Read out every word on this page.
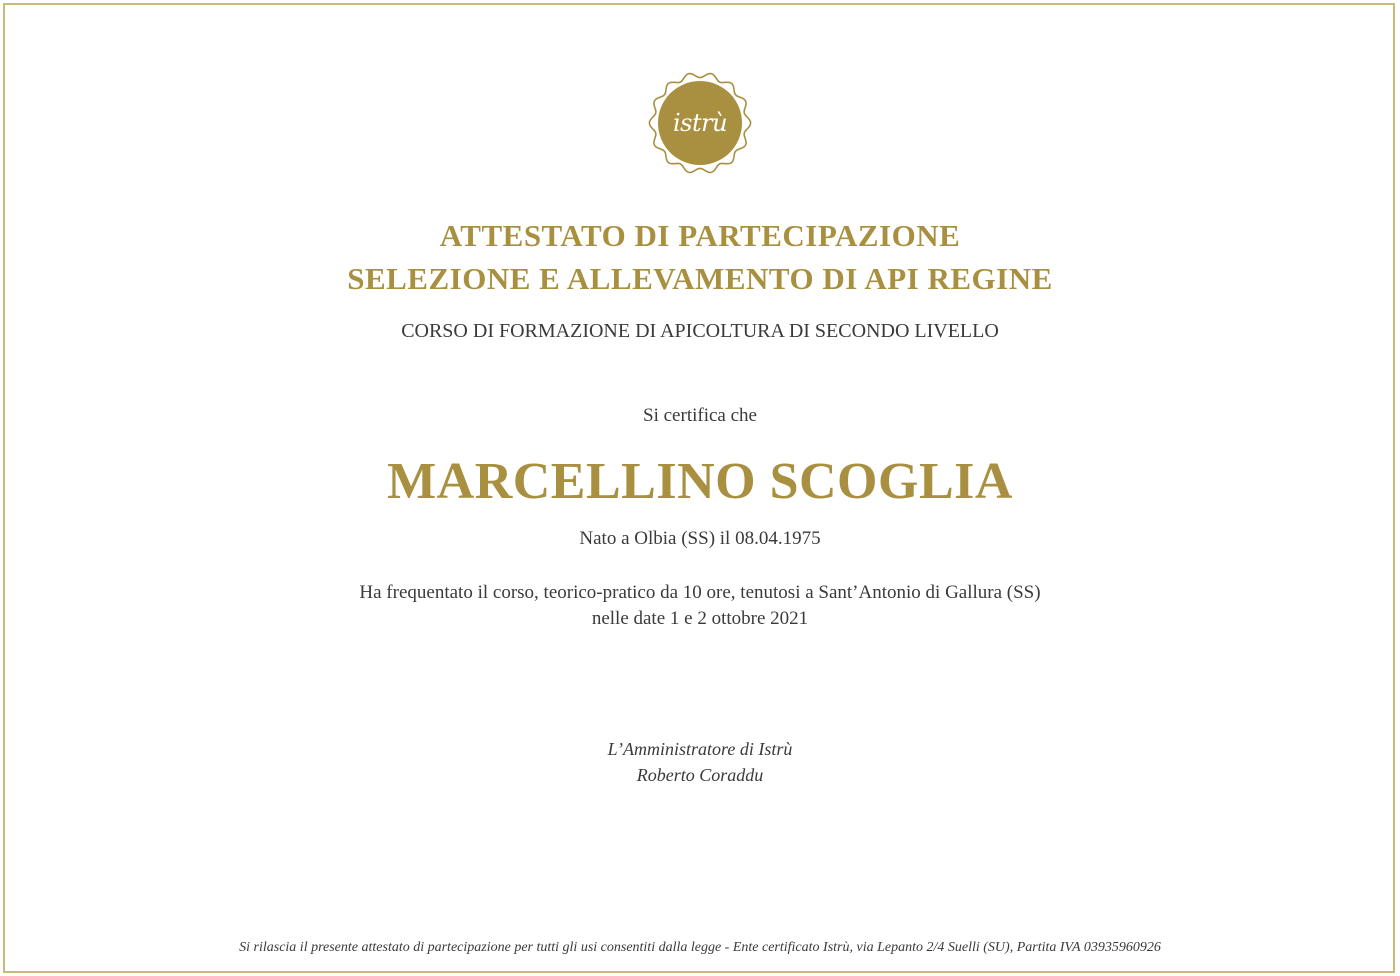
istrù
ATTESTATO DI PARTECIPAZIONE
SELEZIONE E ALLEVAMENTO DI API REGINE
CORSO DI FORMAZIONE DI APICOLTURA DI SECONDO LIVELLO
Si certifica che
MARCELLINO SCOGLIA
Nato a Olbia (SS) il 08.04.1975
Ha frequentato il corso, teorico-pratico da 10 ore, tenutosi a Sant’Antonio di Gallura (SS)
nelle date 1 e 2 ottobre 2021
L’Amministratore di Istrù
Roberto Coraddu
Si rilascia il presente attestato di partecipazione per tutti gli usi consentiti dalla legge - Ente certificato Istrù, via Lepanto 2/4 Suelli (SU), Partita IVA 03935960926
